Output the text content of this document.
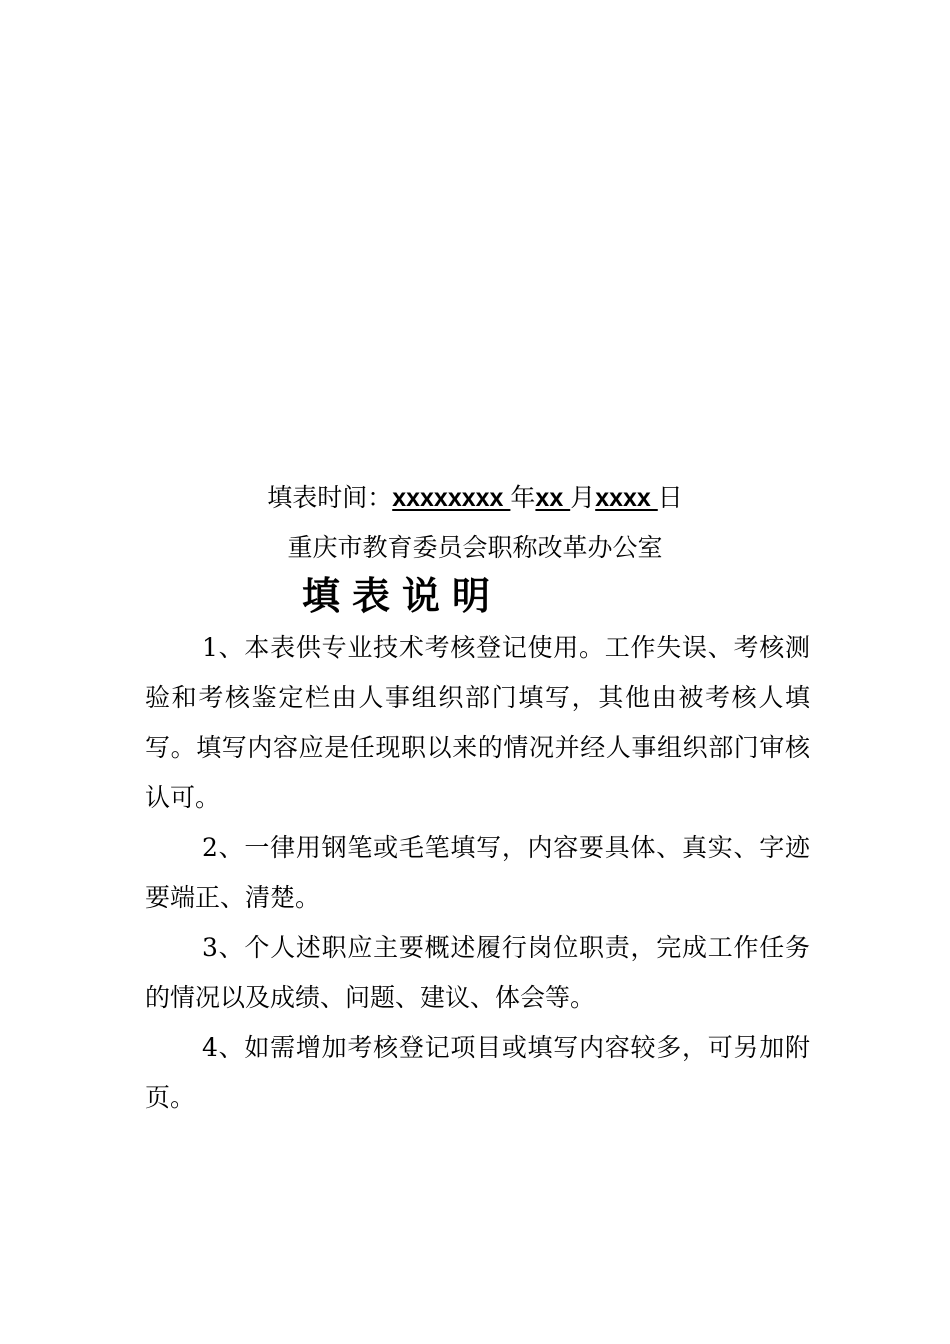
填表时间：xxxxxxxx 年xx 月xxxx 日
重庆市教育委员会职称改革办公室
填表说明

1、本表供专业技术考核登记使用。工作失误、考核测验和考核鉴定栏由人事组织部门填写，其他由被考核人填写。填写内容应是任现职以来的情况并经人事组织部门审核认可。

2、一律用钢笔或毛笔填写，内容要具体、真实、字迹要端正、清楚。

3、个人述职应主要概述履行岗位职责，完成工作任务的情况以及成绩、问题、建议、体会等。

4、如需增加考核登记项目或填写内容较多，可另加附页。
